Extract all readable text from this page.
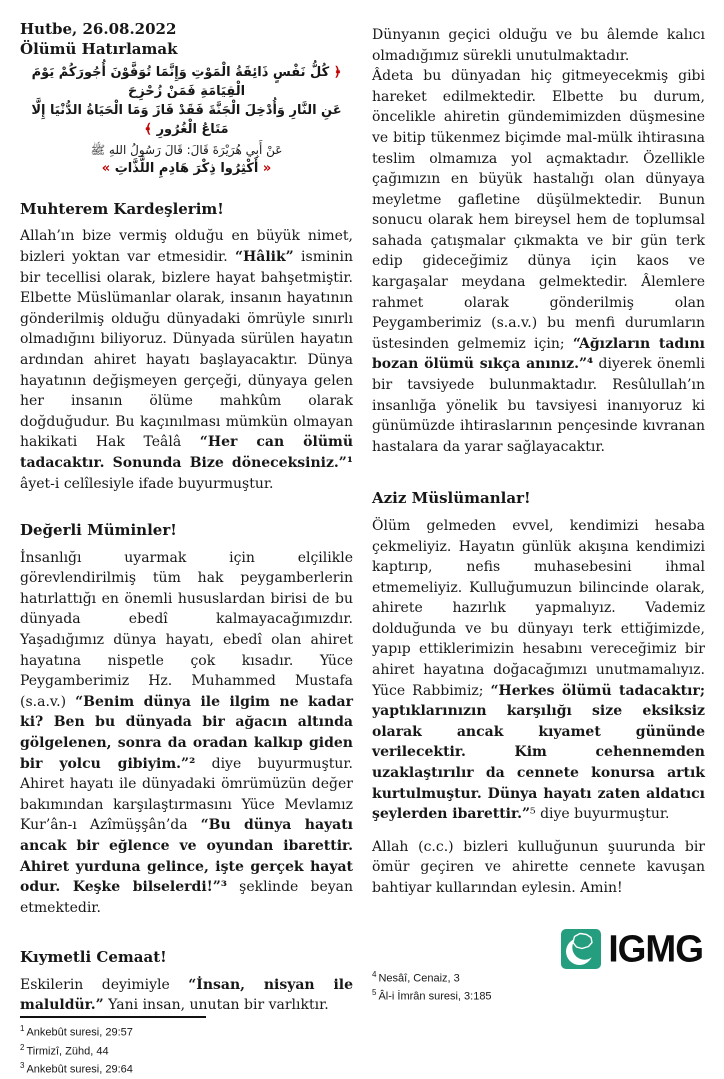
Hutbe, 26.08.2022
Ölümü Hatırlamak
﴿ كُلُّ نَفْسٍ ذَائِقَةُ الْمَوْتِ وَإِنَّمَا تُوَفَّوْنَ أُجُورَكُمْ يَوْمَ الْقِيَامَةِ فَمَنْ زُحْزِحَ
عَنِ النَّارِ وَأُدْخِلَ الْجَنَّةَ فَقَدْ فَازَ وَمَا الْحَيَاةُ الدُّنْيَا إِلَّا مَتَاعُ الْغُرُورِ ﴾
عَنْ أَبِي هُرَيْرَةَ قَالَ: قَالَ رَسُولُ اللهِ ﷺ
« أَكْثِرُوا ذِكْرَ هَادِمِ اللَّذَّاتِ »
Muhterem Kardeşlerim!

Allah’ın bize vermiş olduğu en büyük nimet, bizleri yoktan var etmesidir. “Hâlik” isminin bir tecellisi olarak, bizlere hayat bahşetmiştir. Elbette Müslümanlar olarak, insanın hayatının gönderilmiş olduğu dünyadaki ömrüyle sınırlı olmadığını biliyoruz. Dünyada sürülen hayatın ardından ahiret hayatı başlayacaktır. Dünya hayatının değişmeyen gerçeği, dünyaya gelen her insanın ölüme mahkûm olarak doğduğudur. Bu kaçınılması mümkün olmayan hakikati Hak Teâlâ “Her can ölümü tadacaktır. Sonunda Bize döneceksiniz.”¹ âyet-i celîlesiyle ifade buyurmuştur.

Değerli Müminler!

İnsanlığı uyarmak için elçilikle görevlendirilmiş tüm hak peygamberlerin hatırlattığı en önemli hususlardan birisi de bu dünyada ebedî kalmayacağımızdır. Yaşadığımız dünya hayatı, ebedî olan ahiret hayatına nispetle çok kısadır. Yüce Peygamberimiz Hz. Muhammed Mustafa (s.a.v.) “Benim dünya ile ilgim ne kadar ki? Ben bu dünyada bir ağacın altında gölgelenen, sonra da oradan kalkıp giden bir yolcu gibiyim.”² diye buyurmuştur. Ahiret hayatı ile dünyadaki ömrümüzün değer bakımından karşılaştırmasını Yüce Mevlamız Kur’ân-ı Azîmüşşân’da “Bu dünya hayatı ancak bir eğlence ve oyundan ibarettir. Ahiret yurduna gelince, işte gerçek hayat odur. Keşke bilselerdi!”³ şeklinde beyan etmektedir.

Kıymetli Cemaat!

Eskilerin deyimiyle “İnsan, nisyan ile maluldür.” Yani insan, unutan bir varlıktır.

$^1$ Ankebût suresi, 29:57
$^2$ Tirmizî, Zühd, 44
$^3$ Ankebût suresi, 29:64

Dünyanın geçici olduğu ve bu âlemde kalıcı olmadığımız sürekli unutulmaktadır.

Âdeta bu dünyadan hiç gitmeyecekmiş gibi hareket edilmektedir. Elbette bu durum, öncelikle ahiretin gündemimizden düşmesine ve bitip tükenmez biçimde mal-mülk ihtirasına teslim olmamıza yol açmaktadır. Özellikle çağımızın en büyük hastalığı olan dünyaya meyletme gafletine düşülmektedir. Bunun sonucu olarak hem bireysel hem de toplumsal sahada çatışmalar çıkmakta ve bir gün terk edip gideceğimiz dünya için kaos ve kargaşalar meydana gelmektedir. Âlemlere rahmet olarak gönderilmiş olan Peygamberimiz (s.a.v.) bu menfi durumların üstesinden gelmemiz için; “Ağızların tadını bozan ölümü sıkça anınız.”⁴ diyerek önemli bir tavsiyede bulunmaktadır. Resûlullah’ın insanlığa yönelik bu tavsiyesi inanıyoruz ki günümüzde ihtiraslarının pençesinde kıvranan hastalara da yarar sağlayacaktır.

Aziz Müslümanlar!

Ölüm gelmeden evvel, kendimizi hesaba çekmeliyiz. Hayatın günlük akışına kendimizi kaptırıp, nefis muhasebesini ihmal etmemeliyiz. Kulluğumuzun bilincinde olarak, ahirete hazırlık yapmalıyız. Vademiz dolduğunda ve bu dünyayı terk ettiğimizde, yapıp ettiklerimizin hesabını vereceğimiz bir ahiret hayatına doğacağımızı unutmamalıyız. Yüce Rabbimiz; “Herkes ölümü tadacaktır; yaptıklarınızın karşılığı size eksiksiz olarak ancak kıyamet gününde verilecektir. Kim cehennemden uzaklaştırılır da cennete konursa artık kurtulmuştur. Dünya hayatı zaten aldatıcı şeylerden ibarettir.”⁵ diye buyurmuştur.

Allah (c.c.) bizleri kulluğunun şuurunda bir ömür geçiren ve ahirette cennete kavuşan bahtiyar kullarından eylesin. Amin!

IGMG
$^4$ Nesâî, Cenaiz, 3
$^5$ Âl-i İmrân suresi, 3:185
